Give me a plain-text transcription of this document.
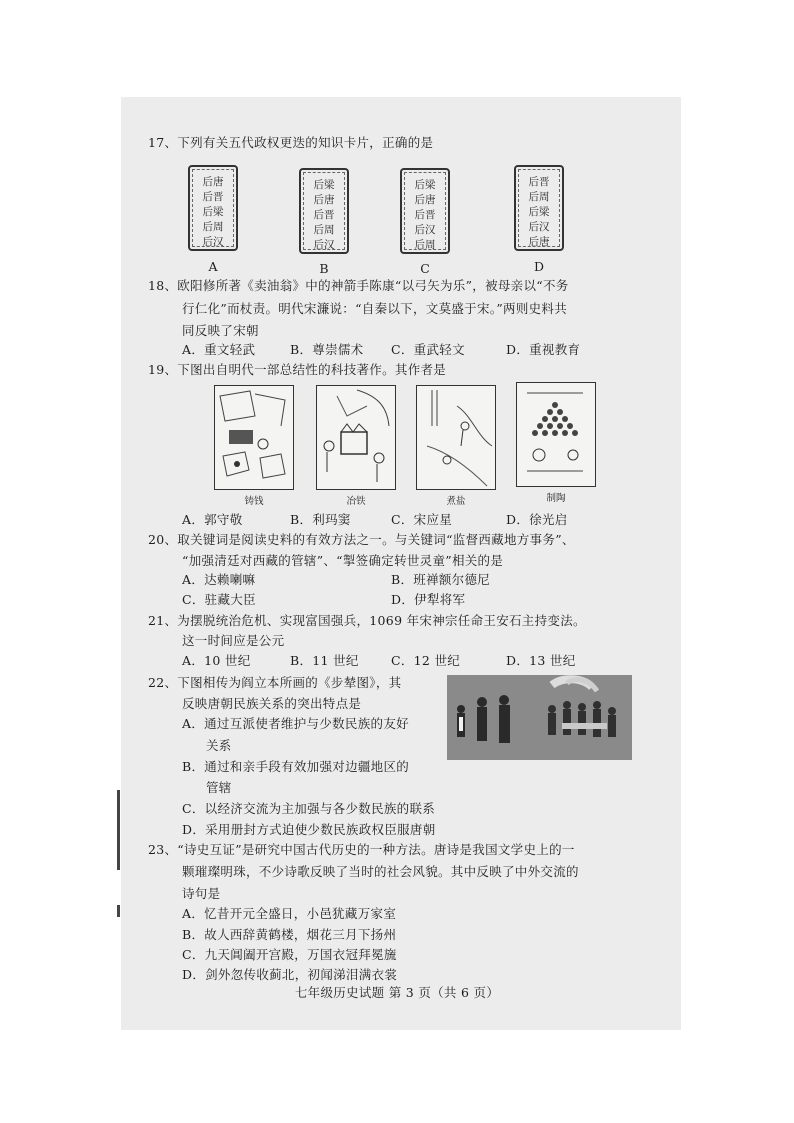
17、下列有关五代政权更迭的知识卡片，正确的是
后唐
后晋
后梁
后周
后汉
A
后梁
后唐
后晋
后周
后汉
B
后梁
后唐
后晋
后汉
后周
C
后晋
后周
后梁
后汉
后唐
D
18、欧阳修所著《卖油翁》中的神箭手陈康“以弓矢为乐”，被母亲以“不务
行仁化”而杖责。明代宋濂说：“自秦以下，文莫盛于宋。”两则史料共
同反映了宋朝
A．重文轻武	B．尊崇儒术 C．重武轻文	D．重视教育
19、下图出自明代一部总结性的科技著作。其作者是
铸钱	冶铁	煮盐	制陶
A．郭守敬	B．利玛窦	C．宋应星	D．徐光启
20、取关键词是阅读史料的有效方法之一。与关键词“监督西藏地方事务”、
“加强清廷对西藏的管辖”、“掣签确定转世灵童”相关的是
A．达赖喇嘛	B．班禅额尔德尼
C．驻藏大臣	D．伊犁将军
21、为摆脱统治危机、实现富国强兵，1069 年宋神宗任命王安石主持变法。
这一时间应是公元
A．10 世纪	B．11 世纪	C．12 世纪	D．13 世纪
22、下图相传为阎立本所画的《步辇图》，其
反映唐朝民族关系的突出特点是
A．通过互派使者维护与少数民族的友好
关系
B．通过和亲手段有效加强对边疆地区的
管辖
C．以经济交流为主加强与各少数民族的联系
D．采用册封方式迫使少数民族政权臣服唐朝
23、“诗史互证”是研究中国古代历史的一种方法。唐诗是我国文学史上的一
颗璀璨明珠，不少诗歌反映了当时的社会风貌。其中反映了中外交流的
诗句是
A．忆昔开元全盛日，小邑犹藏万家室
B．故人西辞黄鹤楼，烟花三月下扬州
C．九天阊阖开宫殿，万国衣冠拜冕旒
D．剑外忽传收蓟北，初闻涕泪满衣裳
七年级历史试题 第 3 页（共 6 页）
